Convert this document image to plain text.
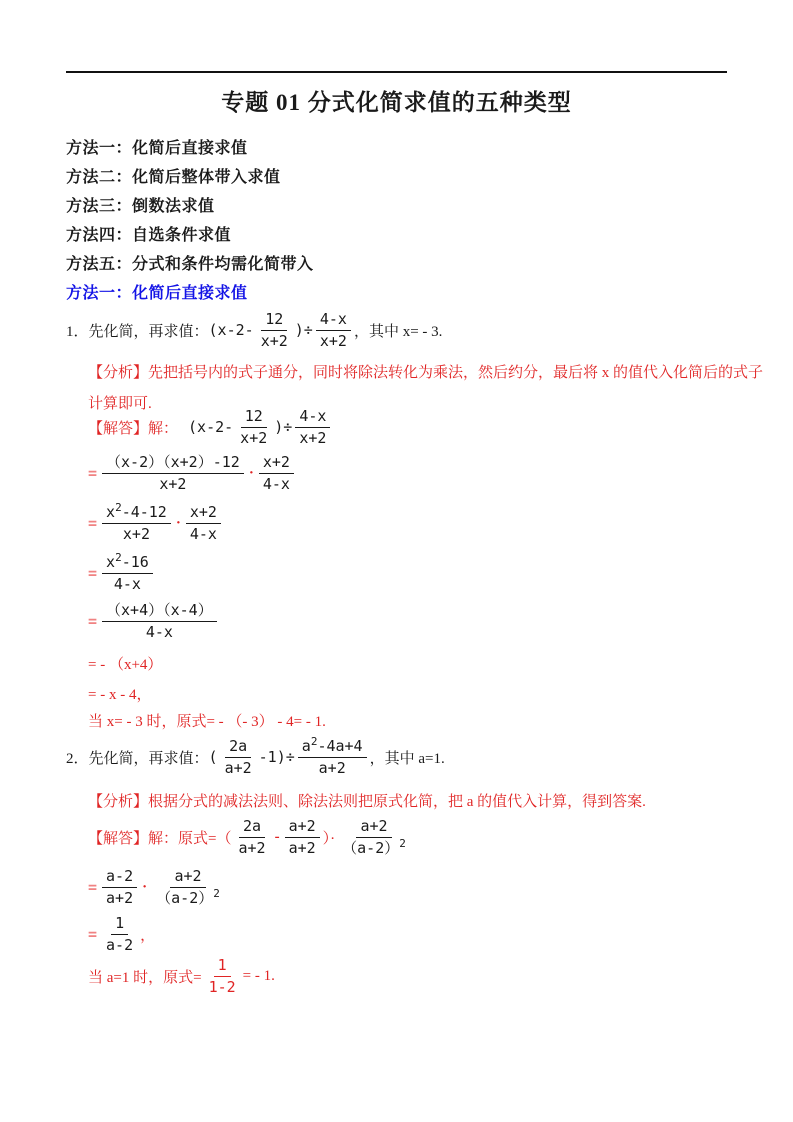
专题 01 分式化简求值的五种类型
方法一：化简后直接求值
方法二：化简后整体带入求值
方法三：倒数法求值
方法四：自选条件求值
方法五：分式和条件均需化简带入
方法一：化简后直接求值
1． 先化简，再求值： ($x-2- \frac{12}{x+2}$ )÷ $\frac{4-x}{x+2}$ ，其中 x= - 3.
【分析】先把括号内的式子通分，同时将除法转化为乘法，然后约分，最后将 x 的值代入化简后的式子
计算即可.
【解答】解： ($x-2- \frac{12}{x+2}$ )÷ $\frac{4-x}{x+2}$
= $\frac{(x-2)(x+2)-12}{x+2} \cdot \frac{x+2}{4-x}$
= $\frac{x^2-4-12}{x+2} \cdot \frac{x+2}{4-x}$
= $\frac{x^2-16}{4-x}$
= $\frac{(x+4)(x-4)}{4-x}$
= - （x+4）
= - x - 4，
当 x= - 3 时，原式= - （- 3） - 4= - 1.
2． 先化简，再求值： ( $\frac{2a}{a+2} -1)\div \frac{a^2-4a+4}{a+2}$ ，其中 a=1.
【分析】根据分式的减法法则、除法法则把原式化简，把 a 的值代入计算，得到答案.
【解答】解：原式=（ $\frac{2a}{a+2} - \frac{a+2}{a+2}$ ）· $\frac{a+2}{(a-2)^2}$
= $\frac{a-2}{a+2} \cdot \frac{a+2}{(a-2)^2}$
= $\frac{1}{a-2}$ ，
当 a=1 时，原式= $\frac{1}{1-2}$ = - 1.
